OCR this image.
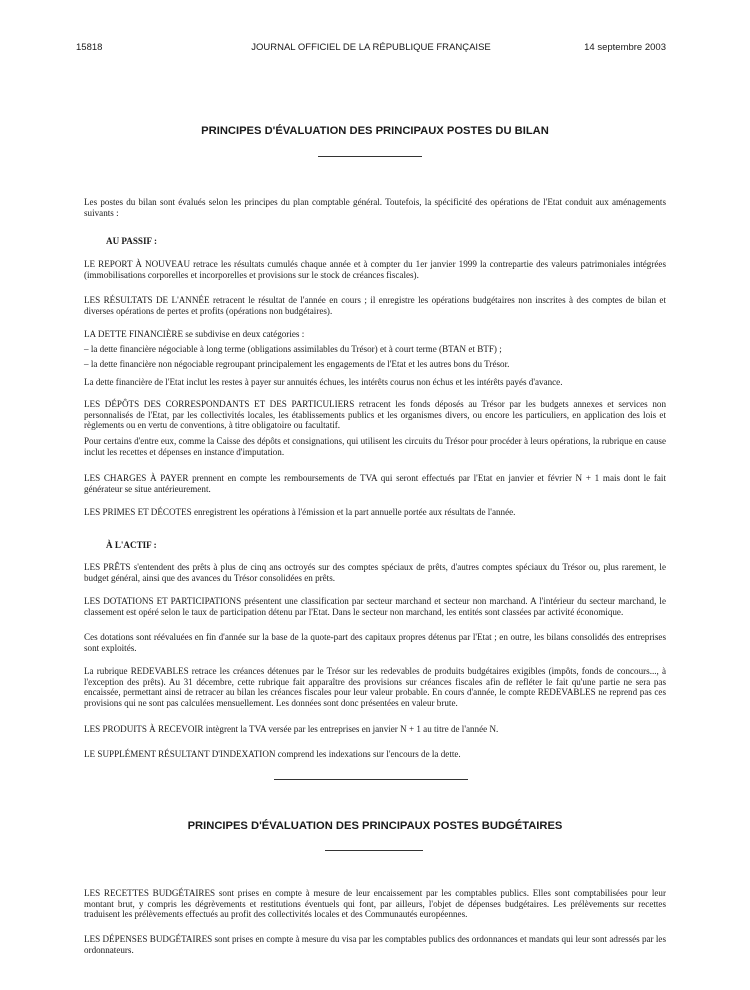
15818	JOURNAL OFFICIEL DE LA RÉPUBLIQUE FRANÇAISE	14 septembre 2003
PRINCIPES D'ÉVALUATION DES PRINCIPAUX POSTES DU BILAN
Les postes du bilan sont évalués selon les principes du plan comptable général. Toutefois, la spécificité des opérations de l'Etat conduit aux aménagements suivants :
AU PASSIF :
LE REPORT À NOUVEAU retrace les résultats cumulés chaque année et à compter du 1er janvier 1999 la contrepartie des valeurs patrimoniales intégrées (immobilisations corporelles et incorporelles et provisions sur le stock de créances fiscales).
LES RÉSULTATS DE L'ANNÉE retracent le résultat de l'année en cours ; il enregistre les opérations budgétaires non inscrites à des comptes de bilan et diverses opérations de pertes et profits (opérations non budgétaires).
LA DETTE FINANCIÈRE se subdivise en deux catégories :
– la dette financière négociable à long terme (obligations assimilables du Trésor) et à court terme (BTAN et BTF) ;
– la dette financière non négociable regroupant principalement les engagements de l'Etat et les autres bons du Trésor.
La dette financière de l'Etat inclut les restes à payer sur annuités échues, les intérêts courus non échus et les intérêts payés d'avance.
LES DÉPÔTS DES CORRESPONDANTS ET DES PARTICULIERS retracent les fonds déposés au Trésor par les budgets annexes et services non personnalisés de l'Etat, par les collectivités locales, les établissements publics et les organismes divers, ou encore les particuliers, en application des lois et règlements ou en vertu de conventions, à titre obligatoire ou facultatif.
Pour certains d'entre eux, comme la Caisse des dépôts et consignations, qui utilisent les circuits du Trésor pour procéder à leurs opérations, la rubrique en cause inclut les recettes et dépenses en instance d'imputation.
LES CHARGES À PAYER prennent en compte les remboursements de TVA qui seront effectués par l'Etat en janvier et février N + 1 mais dont le fait générateur se situe antérieurement.
LES PRIMES ET DÉCOTES enregistrent les opérations à l'émission et la part annuelle portée aux résultats de l'année.
À L'ACTIF :
LES PRÊTS s'entendent des prêts à plus de cinq ans octroyés sur des comptes spéciaux de prêts, d'autres comptes spéciaux du Trésor ou, plus rarement, le budget général, ainsi que des avances du Trésor consolidées en prêts.
LES DOTATIONS ET PARTICIPATIONS présentent une classification par secteur marchand et secteur non marchand. A l'intérieur du secteur marchand, le classement est opéré selon le taux de participation détenu par l'Etat. Dans le secteur non marchand, les entités sont classées par activité économique.
Ces dotations sont réévaluées en fin d'année sur la base de la quote-part des capitaux propres détenus par l'Etat ; en outre, les bilans consolidés des entreprises sont exploités.
La rubrique REDEVABLES retrace les créances détenues par le Trésor sur les redevables de produits budgétaires exigibles (impôts, fonds de concours..., à l'exception des prêts). Au 31 décembre, cette rubrique fait apparaître des provisions sur créances fiscales afin de refléter le fait qu'une partie ne sera pas encaissée, permettant ainsi de retracer au bilan les créances fiscales pour leur valeur probable. En cours d'année, le compte REDEVABLES ne reprend pas ces provisions qui ne sont pas calculées mensuellement. Les données sont donc présentées en valeur brute.
LES PRODUITS À RECEVOIR intègrent la TVA versée par les entreprises en janvier N + 1 au titre de l'année N.
LE SUPPLÉMENT RÉSULTANT D'INDEXATION comprend les indexations sur l'encours de la dette.
PRINCIPES D'ÉVALUATION DES PRINCIPAUX POSTES BUDGÉTAIRES
LES RECETTES BUDGÉTAIRES sont prises en compte à mesure de leur encaissement par les comptables publics. Elles sont comptabilisées pour leur montant brut, y compris les dégrèvements et restitutions éventuels qui font, par ailleurs, l'objet de dépenses budgétaires. Les prélèvements sur recettes traduisent les prélèvements effectués au profit des collectivités locales et des Communautés européennes.
LES DÉPENSES BUDGÉTAIRES sont prises en compte à mesure du visa par les comptables publics des ordonnances et mandats qui leur sont adressés par les ordonnateurs.
